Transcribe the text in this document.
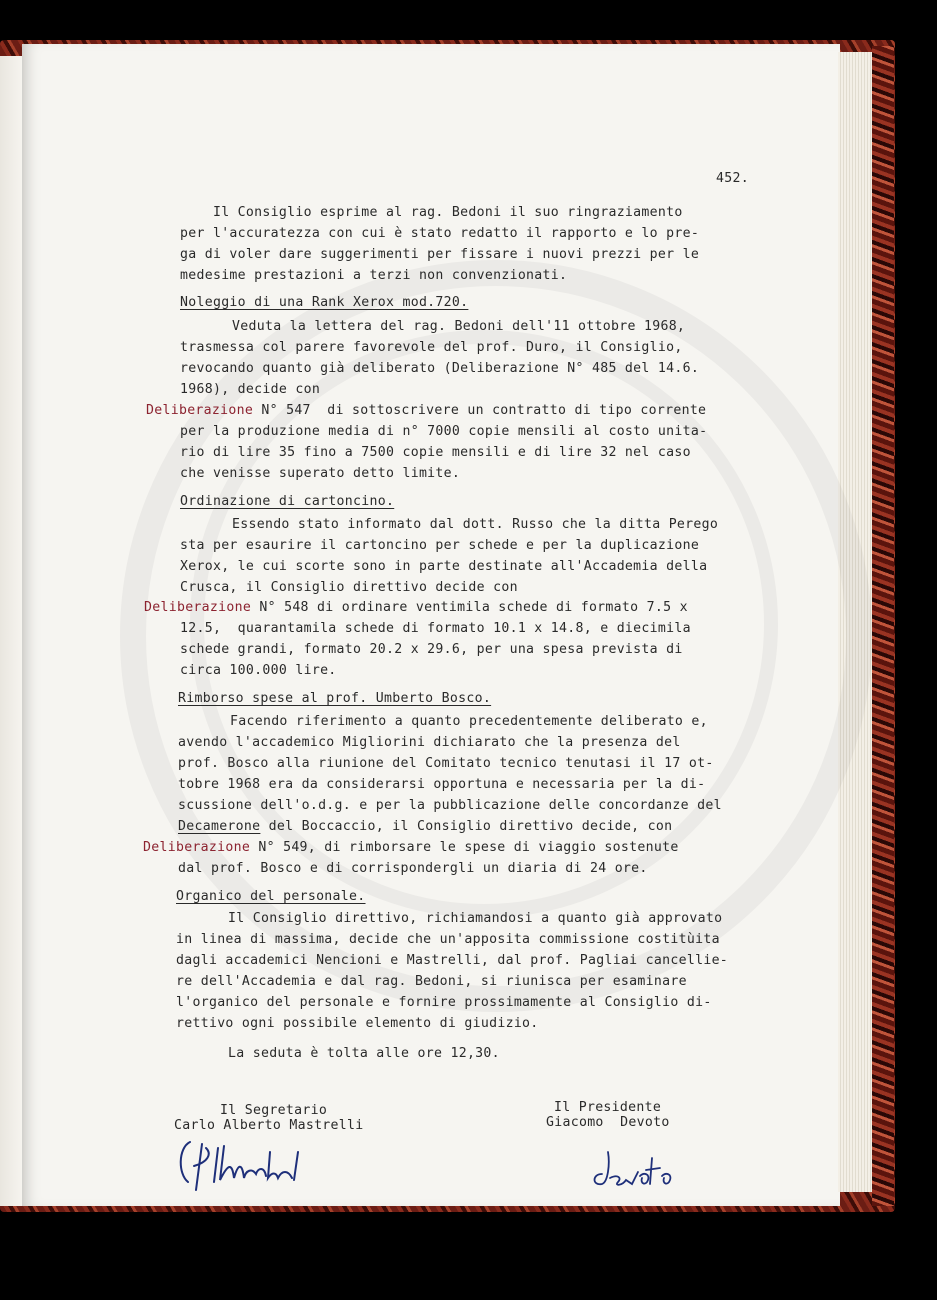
452.
Il Consiglio esprime al rag. Bedoni il suo ringraziamento
per l'accuratezza con cui è stato redatto il rapporto e lo pre-
ga di voler dare suggerimenti per fissare i nuovi prezzi per le
medesime prestazioni a terzi non convenzionati.
Noleggio di una Rank Xerox mod.720.
Veduta la lettera del rag. Bedoni dell'11 ottobre 1968,
trasmessa col parere favorevole del prof. Duro, il Consiglio,
revocando quanto già deliberato (Deliberazione N° 485 del 14.6.
1968), decide con
Deliberazione N° 547  di sottoscrivere un contratto di tipo corrente
per la produzione media di n° 7000 copie mensili al costo unita-
rio di lire 35 fino a 7500 copie mensili e di lire 32 nel caso
che venisse superato detto limite.
Ordinazione di cartoncino.
Essendo stato informato dal dott. Russo che la ditta Perego
sta per esaurire il cartoncino per schede e per la duplicazione
Xerox, le cui scorte sono in parte destinate all'Accademia della
Crusca, il Consiglio direttivo decide con
Deliberazione N° 548 di ordinare ventimila schede di formato 7.5 x
12.5,  quarantamila schede di formato 10.1 x 14.8, e diecimila
schede grandi, formato 20.2 x 29.6, per una spesa prevista di
circa 100.000 lire.
Rimborso spese al prof. Umberto Bosco.
Facendo riferimento a quanto precedentemente deliberato e,
avendo l'accademico Migliorini dichiarato che la presenza del
prof. Bosco alla riunione del Comitato tecnico tenutasi il 17 ot-
tobre 1968 era da considerarsi opportuna e necessaria per la di-
scussione dell'o.d.g. e per la pubblicazione delle concordanze del
Decamerone del Boccaccio, il Consiglio direttivo decide, con
Deliberazione N° 549, di rimborsare le spese di viaggio sostenute
dal prof. Bosco e di corrispondergli un diaria di 24 ore.
Organico del personale.
Il Consiglio direttivo, richiamandosi a quanto già approvato
in linea di massima, decide che un'apposita commissione costitùita
dagli accademici Nencioni e Mastrelli, dal prof. Pagliai cancellie-
re dell'Accademia e dal rag. Bedoni, si riunisca per esaminare
l'organico del personale e fornire prossimamente al Consiglio di-
rettivo ogni possibile elemento di giudizio.
La seduta è tolta alle ore 12,30.
Il Segretario
Carlo Alberto Mastrelli
Il Presidente
Giacomo  Devoto
